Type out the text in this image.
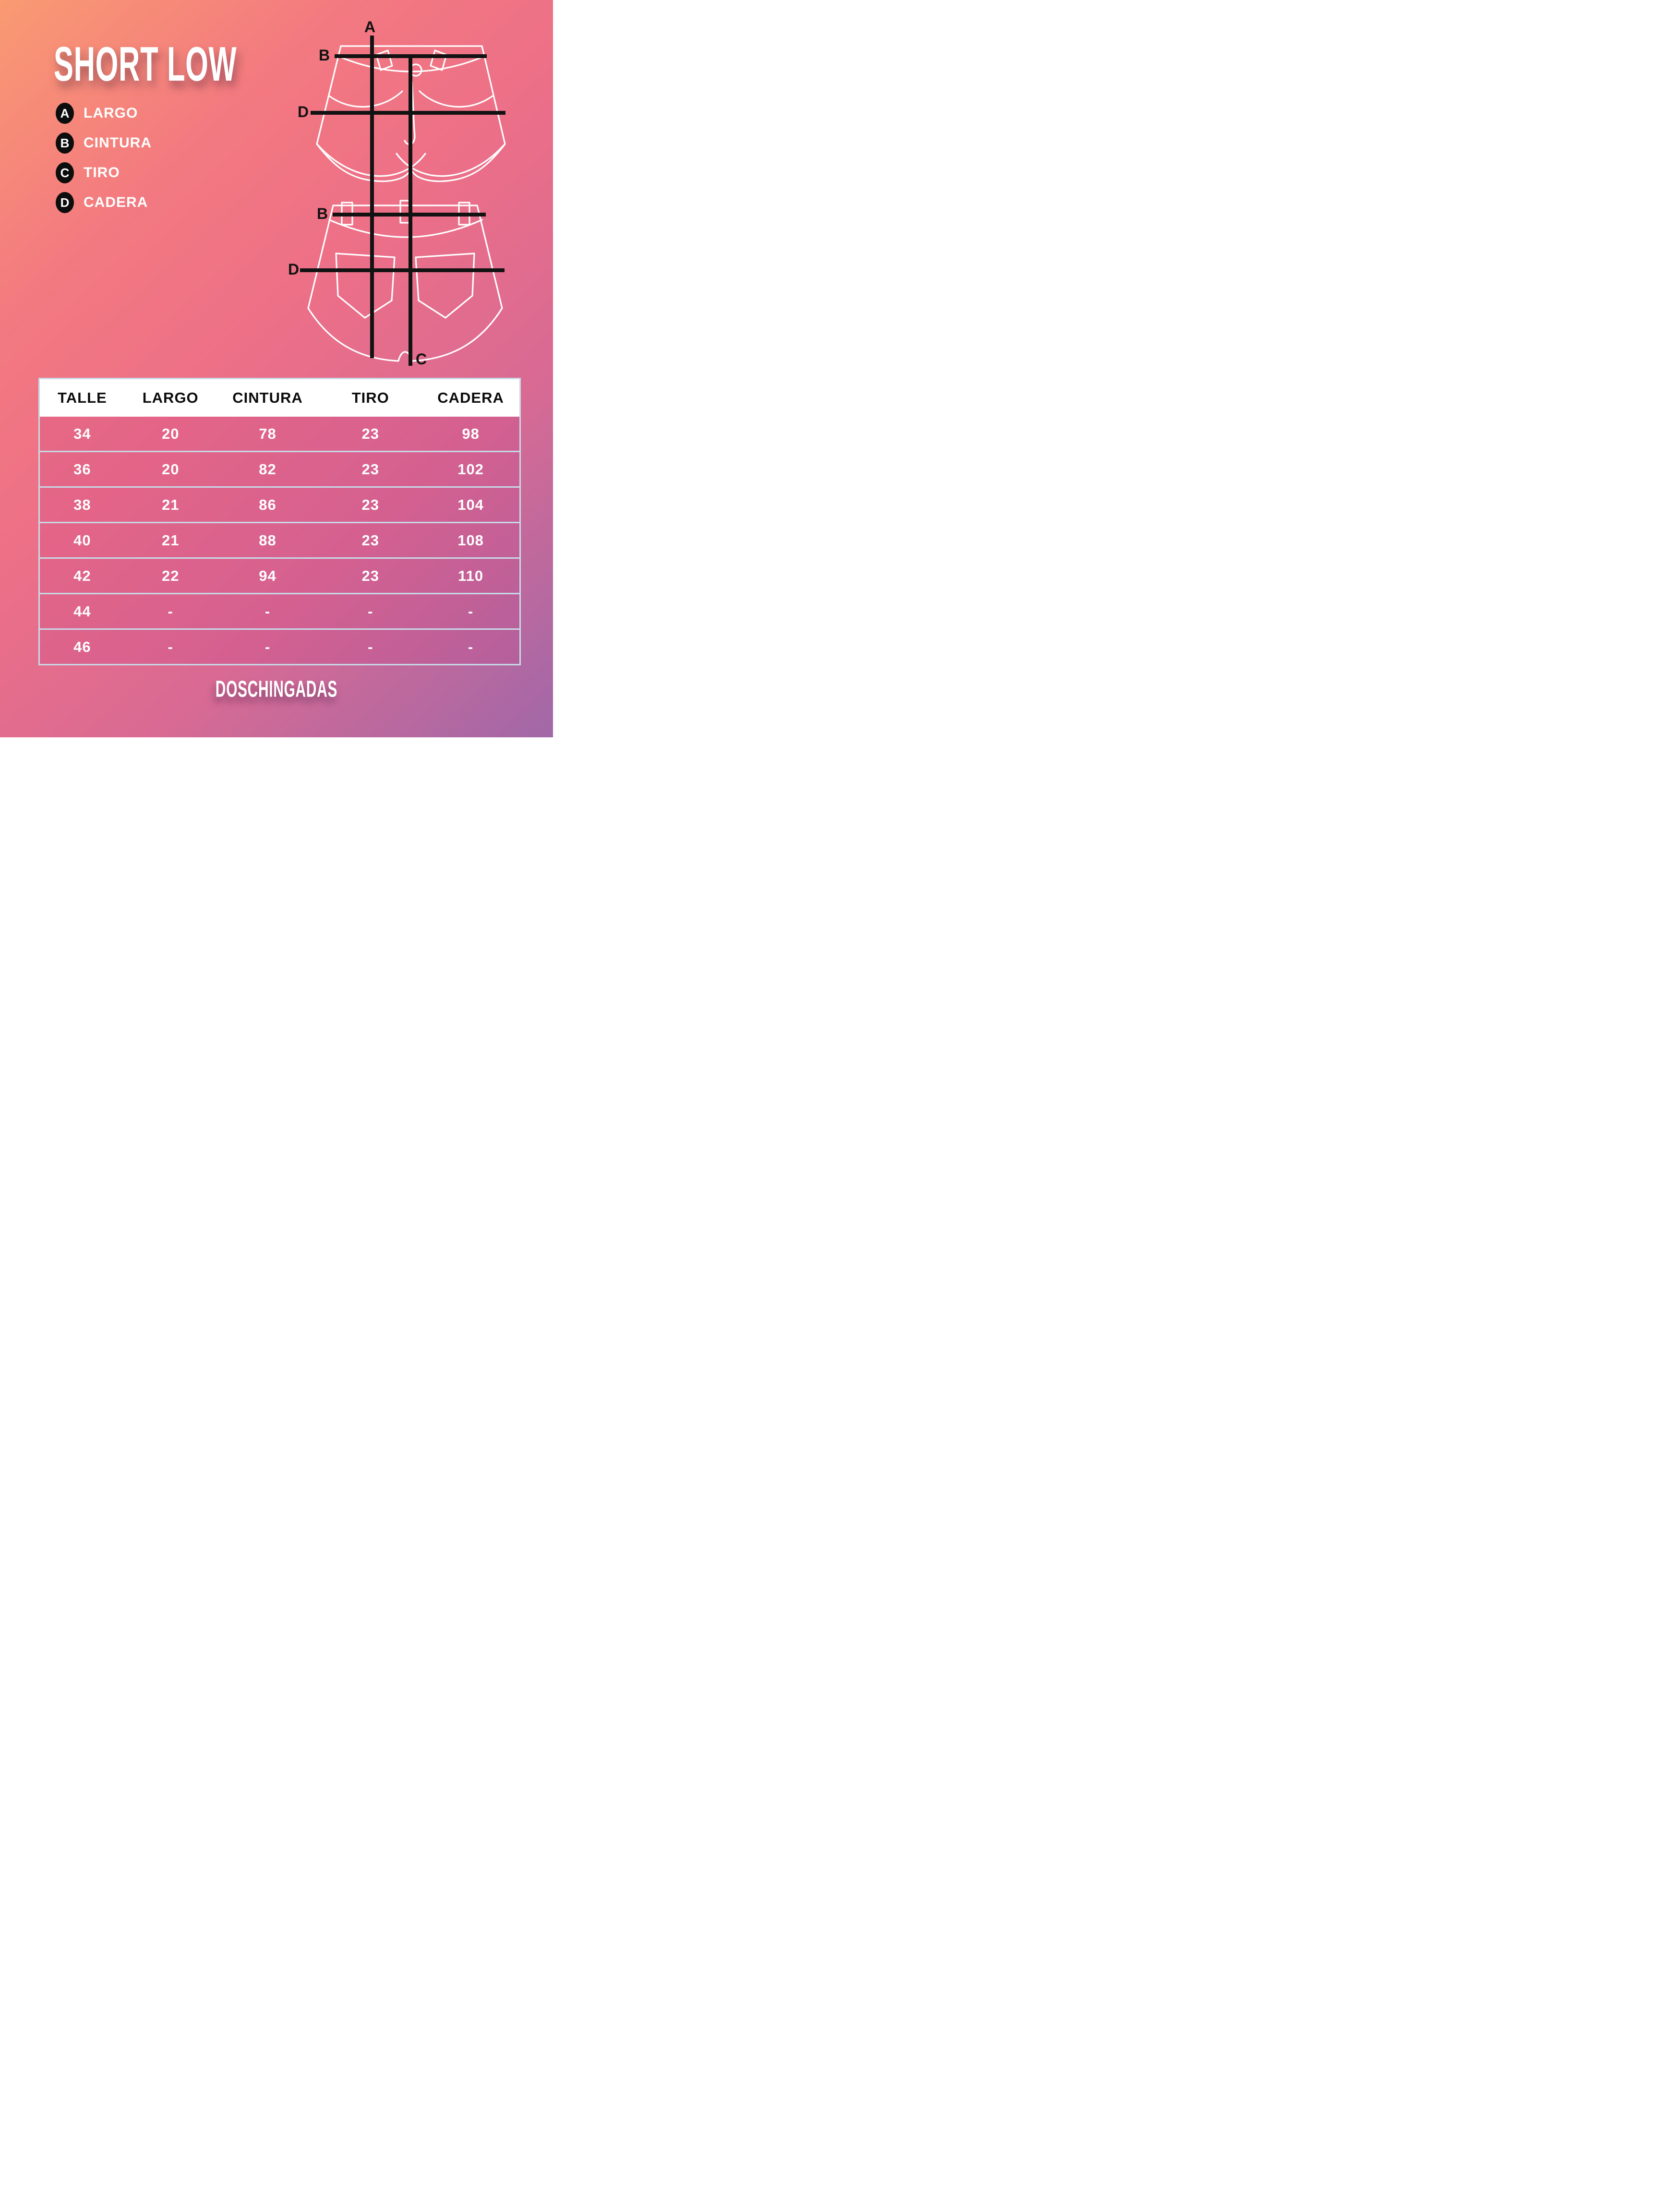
SHORT LOW
A LARGO
B CINTURA
C TIRO
D CADERA
A
B
D
B
D
C
TALLE	LARGO	CINTURA	TIRO	CADERA
34	20	78	23	98
36	20	82	23	102
38	21	86	23	104
40	21	88	23	108
42	22	94	23	110
44	-	-	-	-
46	-	-	-	-
DOSCHINGADAS
